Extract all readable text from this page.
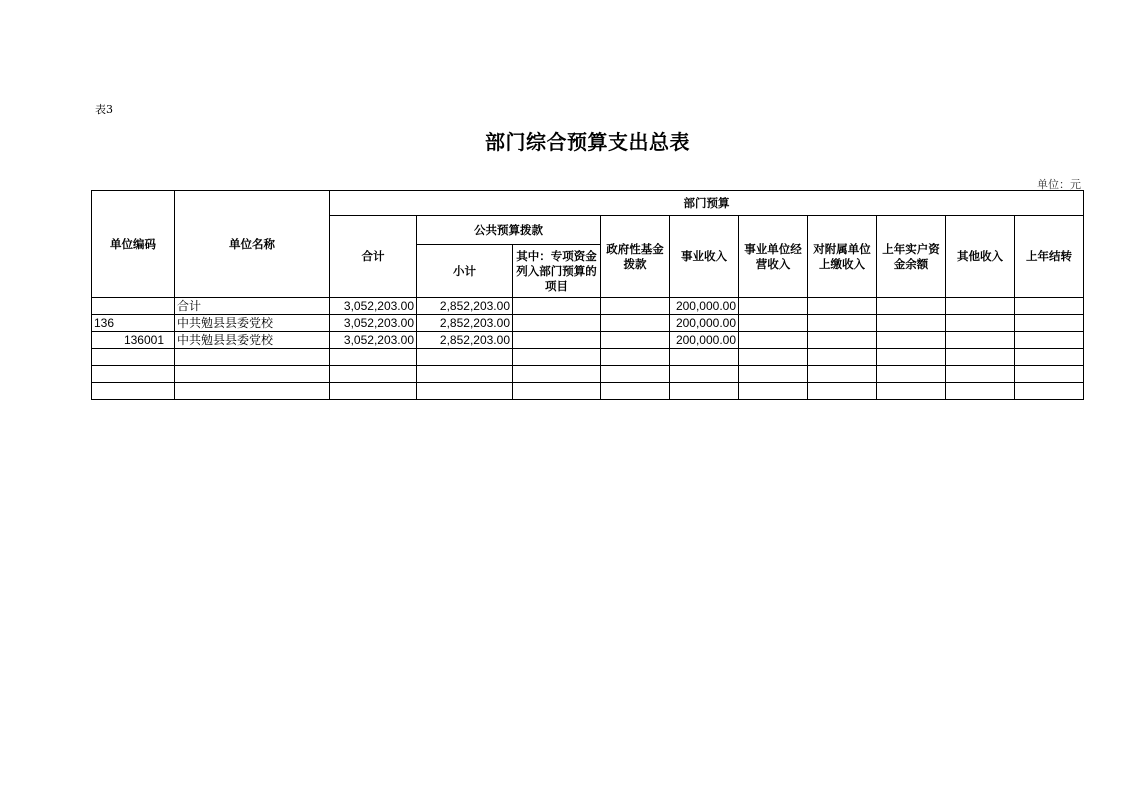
表3
部门综合预算支出总表
单位：元
单位编码	单位名称	部门预算									
		合计	公共预算拨款		政府性基金拨款	事业收入	事业单位经营收入	对附属单位上缴收入	上年实户资金余额	其他收入	上年结转
			小计	其中：专项资金列入部门预算的项目							
	合计	3,052,203.00	2,852,203.00			200,000.00					
136	中共勉县县委党校	3,052,203.00	2,852,203.00			200,000.00					
136001	中共勉县县委党校	3,052,203.00	2,852,203.00			200,000.00					
